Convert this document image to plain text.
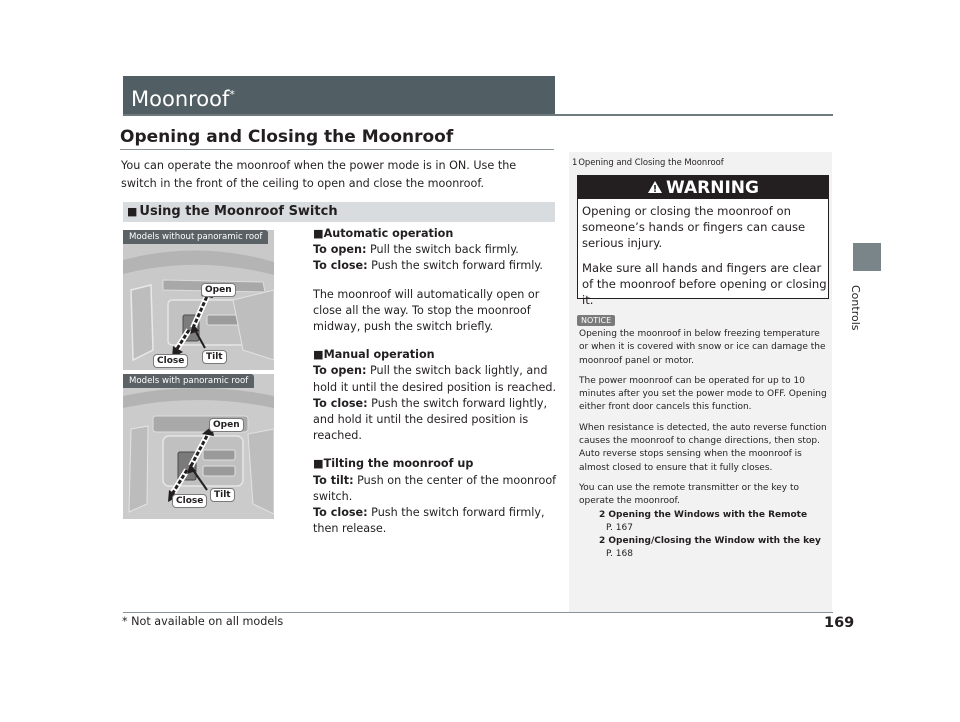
Moonroof*
Opening and Closing the Moonroof
You can operate the moonroof when the power mode is in ON. Use the switch in the front of the ceiling to open and close the moonroof.
■ Using the Moonroof Switch
Models without panoramic roof
Open
Tilt
Close
Models with panoramic roof
Open
Tilt
Close

■Automatic operation

To open: Pull the switch back firmly.

To close: Push the switch forward firmly.

The moonroof will automatically open or close all the way. To stop the moonroof midway, push the switch briefly.

■Manual operation

To open: Pull the switch back lightly, and hold it until the desired position is reached.

To close: Push the switch forward lightly, and hold it until the desired position is reached.

■Tilting the moonroof up

To tilt: Push on the center of the moonroof switch.

To close: Push the switch forward firmly, then release.

1Opening and Closing the Moonroof
WARNING
Opening or closing the moonroof on someone’s hands or fingers can cause serious injury.
Make sure all hands and fingers are clear of the moonroof before opening or closing it.
NOTICE

Opening the moonroof in below freezing temperature or when it is covered with snow or ice can damage the moonroof panel or motor.

The power moonroof can be operated for up to 10 minutes after you set the power mode to OFF. Opening either front door cancels this function.

When resistance is detected, the auto reverse function causes the moonroof to change directions, then stop. Auto reverse stops sensing when the moonroof is almost closed to ensure that it fully closes.

You can use the remote transmitter or the key to operate the moonroof.

2 Opening the Windows with the Remote
P. 167
2 Opening/Closing the Window with the key
P. 168
Controls
* Not available on all models	169
